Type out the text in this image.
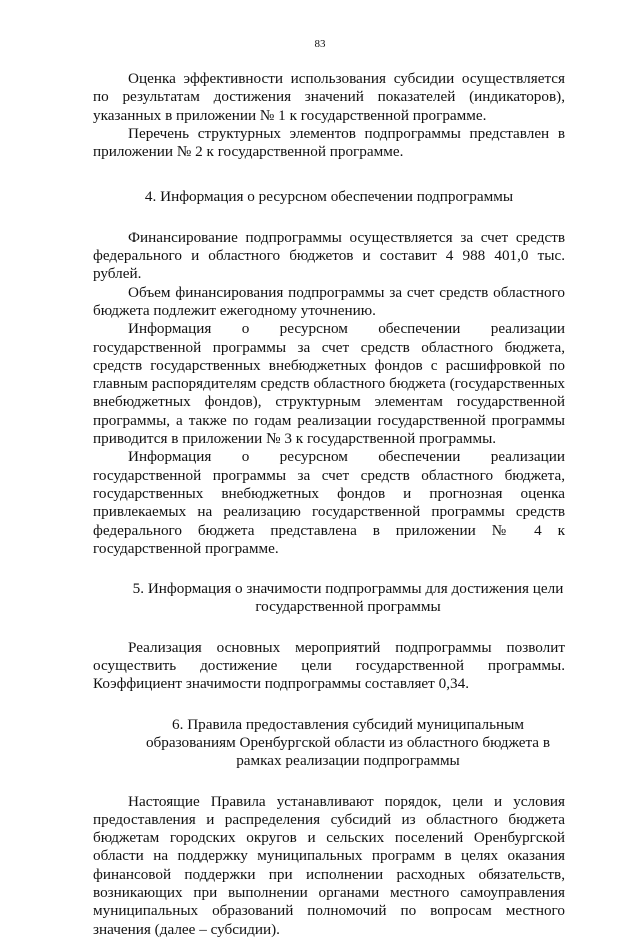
83

Оценка эффективности использования субсидии осуществляется по результатам достижения значений показателей (индикаторов), указанных в приложении № 1 к государственной программе.

Перечень структурных элементов подпрограммы представлен в приложении № 2 к государственной программе.

4. Информация о ресурсном обеспечении подпрограммы

Финансирование подпрограммы осуществляется за счет средств федерального и областного бюджетов и составит 4 988 401,0 тыс. рублей.

Объем финансирования подпрограммы за счет средств областного бюджета подлежит ежегодному уточнению.

Информация о ресурсном обеспечении реализации государственной программы за счет средств областного бюджета, средств государственных внебюджетных фондов с расшифровкой по главным распорядителям средств областного бюджета (государственных внебюджетных фондов), структурным элементам государственной программы, а также по годам реализации государственной программы приводится в приложении № 3 к государственной программы.

Информация о ресурсном обеспечении реализации государственной программы за счет средств областного бюджета, государственных внебюджетных фондов и прогнозная оценка привлекаемых на реализацию государственной программы средств федерального бюджета представлена в приложении № 4 к государственной программе.

5. Информация о значимости подпрограммы для достижения цели государственной программы

Реализация основных мероприятий подпрограммы позволит осуществить достижение цели государственной программы. Коэффициент значимости подпрограммы составляет 0,34.

6. Правила предоставления субсидий муниципальным образованиям Оренбургской области из областного бюджета в рамках реализации подпрограммы

Настоящие Правила устанавливают порядок, цели и условия предоставления и распределения субсидий из областного бюджета бюджетам городских округов и сельских поселений Оренбургской области на поддержку муниципальных программ в целях оказания финансовой поддержки при исполнении расходных обязательств, возникающих при выполнении органами местного самоуправления муниципальных образований полномочий по вопросам местного значения (далее – субсидии).
